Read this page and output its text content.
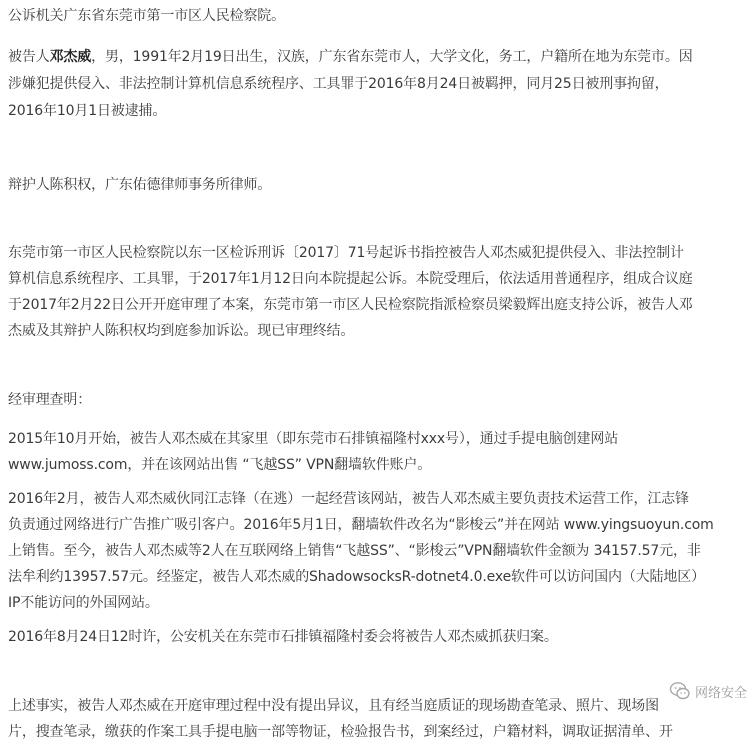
公诉机关广东省东莞市第一市区人民检察院。
被告人邓杰威，男，1991年2月19日出生，汉族，广东省东莞市人，大学文化，务工，户籍所在地为东莞市。因
涉嫌犯提供侵入、非法控制计算机信息系统程序、工具罪于2016年8月24日被羁押，同月25日被刑事拘留，
2016年10月1日被逮捕。
辩护人陈积权，广东佑德律师事务所律师。
东莞市第一市区人民检察院以东一区检诉刑诉〔2017〕71号起诉书指控被告人邓杰威犯提供侵入、非法控制计
算机信息系统程序、工具罪，于2017年1月12日向本院提起公诉。本院受理后，依法适用普通程序，组成合议庭
于2017年2月22日公开开庭审理了本案，东莞市第一市区人民检察院指派检察员梁毅辉出庭支持公诉，被告人邓
杰威及其辩护人陈积权均到庭参加诉讼。现已审理终结。
经审理查明：
2015年10月开始，被告人邓杰威在其家里（即东莞市石排镇福隆村xxx号），通过手提电脑创建网站
www.jumoss.com，并在该网站出售 “飞越SS” VPN翻墙软件账户。
2016年2月，被告人邓杰威伙同江志锋（在逃）一起经营该网站，被告人邓杰威主要负责技术运营工作，江志锋
负责通过网络进行广告推广吸引客户。2016年5月1日，翻墙软件改名为“影梭云”并在网站 www.yingsuoyun.com
上销售。至今，被告人邓杰威等2人在互联网络上销售“飞越SS”、“影梭云”VPN翻墙软件金额为 34157.57元，非
法牟利约13957.57元。经鉴定，被告人邓杰威的ShadowsocksR-dotnet4.0.exe软件可以访问国内（大陆地区）
IP不能访问的外国网站。
2016年8月24日12时许，公安机关在东莞市石排镇福隆村委会将被告人邓杰威抓获归案。
上述事实，被告人邓杰威在开庭审理过程中没有提出异议，且有经当庭质证的现场勘查笔录、照片、现场图
片，搜查笔录，缴获的作案工具手提电脑一部等物证，检验报告书，到案经过，户籍材料，调取证据清单、开
网络安全
